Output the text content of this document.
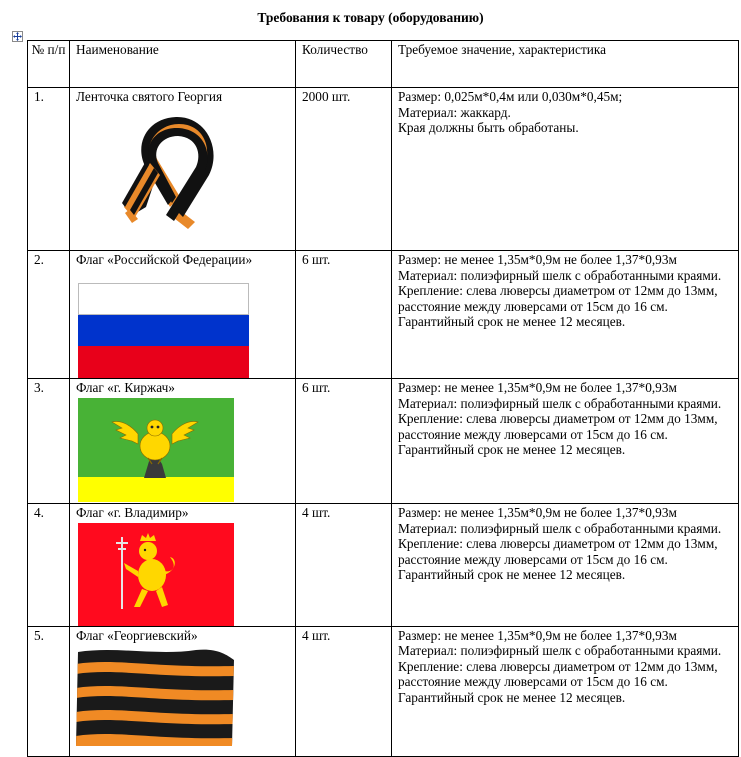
Требования к товару (оборудованию)
№ п/п	Наименование	Количество	Требуемое значение, характеристика
1.	Ленточка святого Георгия	2000 шт.	Размер: 0,025м*0,4м или 0,030м*0,45м;
Материал: жаккард.
Края должны быть обработаны.

2.	Флаг «Российской Федерации»	6 шт.	Размер: не менее 1,35м*0,9м не более 1,37*0,93м
Материал: полиэфирный шелк с обработанными краями.
Крепление: слева люверсы диаметром от 12мм до 13мм, расстояние между люверсами от 15см до 16 см.
Гарантийный срок не менее 12 месяцев.

3.	Флаг «г. Киржач»	6 шт.	Размер: не менее 1,35м*0,9м не более 1,37*0,93м
Материал: полиэфирный шелк с обработанными краями.
Крепление: слева люверсы диаметром от 12мм до 13мм, расстояние между люверсами от 15см до 16 см.
Гарантийный срок не менее 12 месяцев.

4.	Флаг «г. Владимир»	4 шт.	Размер: не менее 1,35м*0,9м не более 1,37*0,93м
Материал: полиэфирный шелк с обработанными краями.
Крепление: слева люверсы диаметром от 12мм до 13мм, расстояние между люверсами от 15см до 16 см.
Гарантийный срок не менее 12 месяцев.

5.	Флаг «Георгиевский»	4 шт.	Размер: не менее 1,35м*0,9м не более 1,37*0,93м
Материал: полиэфирный шелк с обработанными краями.
Крепление: слева люверсы диаметром от 12мм до 13мм, расстояние между люверсами от 15см до 16 см.
Гарантийный срок не менее 12 месяцев.
